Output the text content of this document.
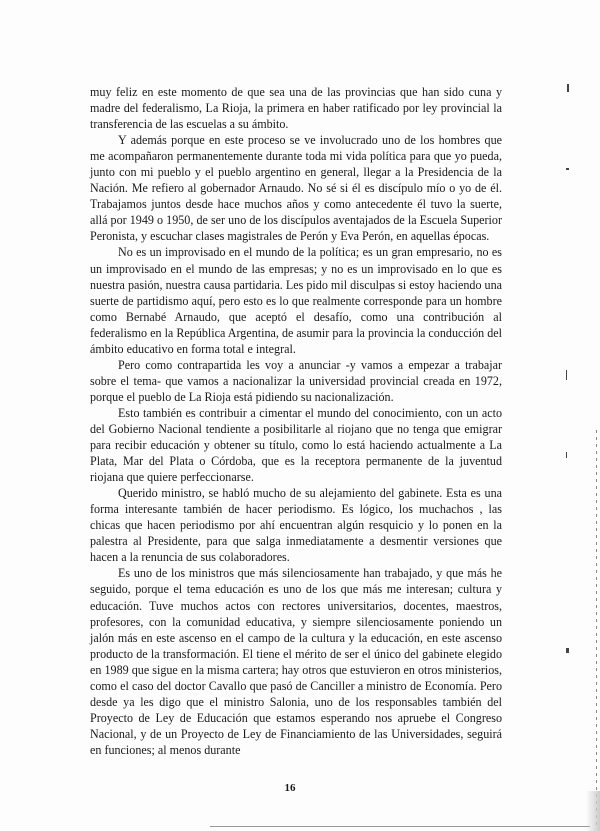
muy feliz en este momento de que sea una de las provincias que han sido cuna y madre del federalismo, La Rioja, la primera en haber ratificado por ley provincial la transferencia de las escuelas a su ámbito.

Y además porque en este proceso se ve involucrado uno de los hombres que me acompañaron permanentemente durante toda mi vida política para que yo pueda, junto con mi pueblo y el pueblo argentino en general, llegar a la Presidencia de la Nación. Me refiero al gobernador Arnaudo. No sé si él es discípulo mío o yo de él. Trabajamos juntos desde hace muchos años y como antecedente él tuvo la suerte, allá por 1949 o 1950, de ser uno de los discípulos aventajados de la Escuela Superior Peronista, y escuchar clases magistrales de Perón y Eva Perón, en aquellas épocas.

No es un improvisado en el mundo de la política; es un gran empresario, no es un improvisado en el mundo de las empresas; y no es un improvisado en lo que es nuestra pasión, nuestra causa partidaria. Les pido mil disculpas si estoy haciendo una suerte de partidismo aquí, pero esto es lo que realmente corresponde para un hombre como Bernabé Arnaudo, que aceptó el desafío, como una contribución al federalismo en la República Argentina, de asumir para la provincia la conducción del ámbito educativo en forma total e integral.

Pero como contrapartida les voy a anunciar -y vamos a empezar a trabajar sobre el tema- que vamos a nacionalizar la universidad provincial creada en 1972, porque el pueblo de La Rioja está pidiendo su nacionalización.

Esto también es contribuir a cimentar el mundo del conocimiento, con un acto del Gobierno Nacional tendiente a posibilitarle al riojano que no tenga que emigrar para recibir educación y obtener su título, como lo está haciendo actualmente a La Plata, Mar del Plata o Córdoba, que es la receptora permanente de la juventud riojana que quiere perfeccionarse.

Querido ministro, se habló mucho de su alejamiento del gabinete. Esta es una forma interesante también de hacer periodismo. Es lógico, los muchachos , las chicas que hacen periodismo por ahí encuentran algún resquicio y lo ponen en la palestra al Presidente, para que salga inmediatamente a desmentir versiones que hacen a la renuncia de sus colaboradores.

Es uno de los ministros que más silenciosamente han trabajado, y que más he seguido, porque el tema educación es uno de los que más me interesan; cultura y educación. Tuve muchos actos con rectores universitarios, docentes, maestros, profesores, con la comunidad educativa, y siempre silenciosamente poniendo un jalón más en este ascenso en el campo de la cultura y la educación, en este ascenso producto de la transformación. El tiene el mérito de ser el único del gabinete elegido en 1989 que sigue en la misma cartera; hay otros que estuvieron en otros ministerios, como el caso del doctor Cavallo que pasó de Canciller a ministro de Economía. Pero desde ya les digo que el ministro Salonia, uno de los responsables también del Proyecto de Ley de Educación que estamos esperando nos apruebe el Congreso Nacional, y de un Proyecto de Ley de Financiamiento de las Universidades, seguirá en funciones; al menos durante

16
